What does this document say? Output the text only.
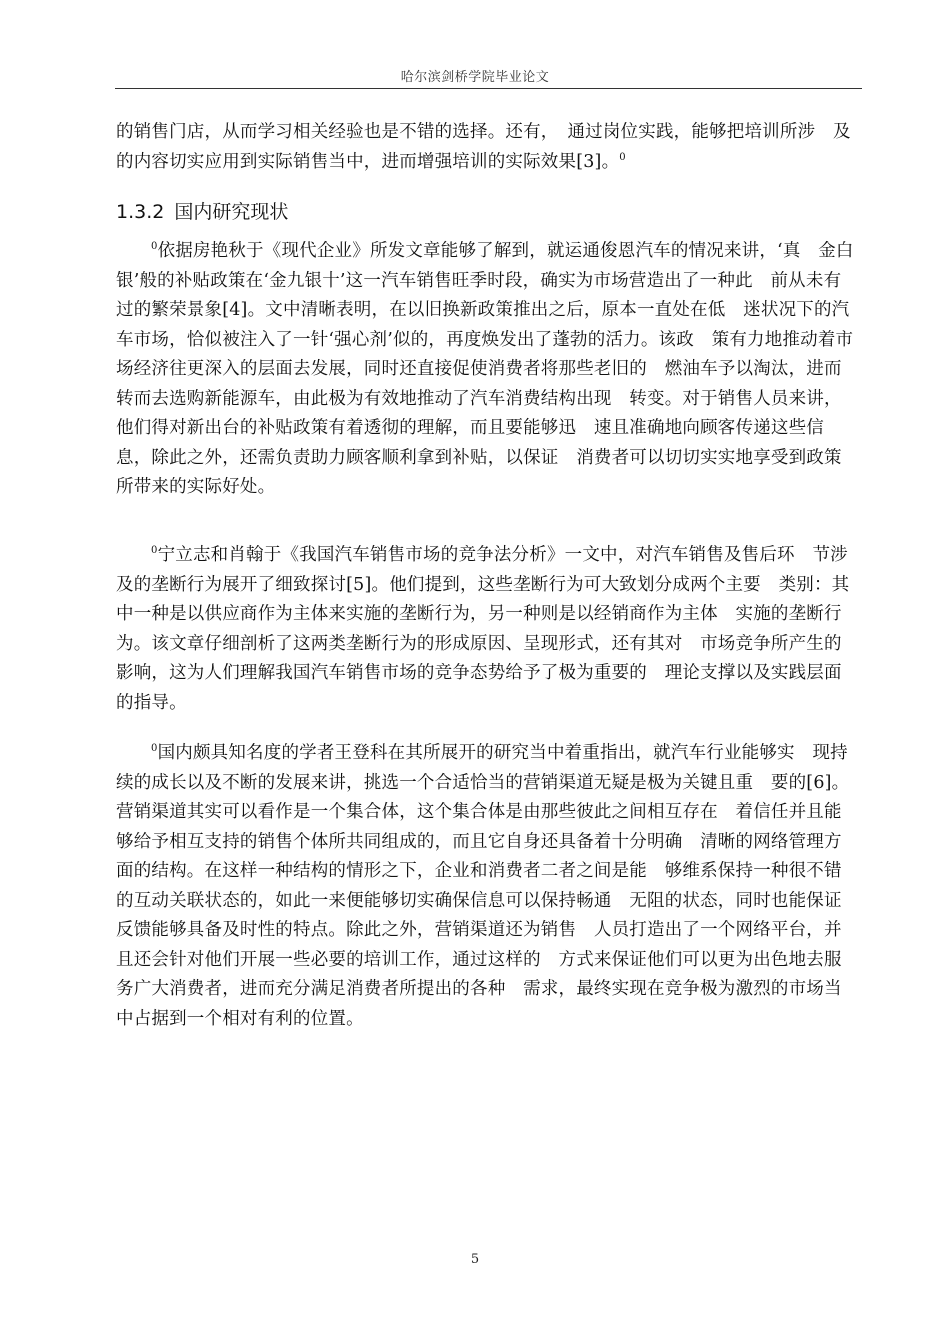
哈尔滨剑桥学院毕业论文

的销售门店，从而学习相关经验也是不错的选择。还有，　通过岗位实践，能够把培训所涉　及的内容切实应用到实际销售当中，进而增强培训的实际效果[3]。$^0$

1.3.2 国内研究现状

$^0$依据房艳秋于《现代企业》所发文章能够了解到，就运通俊恩汽车的情况来讲，‘真　金白银’般的补贴政策在‘金九银十’这一汽车销售旺季时段，确实为市场营造出了一种此　前从未有过的繁荣景象[4]。文中清晰表明，在以旧换新政策推出之后，原本一直处在低　迷状况下的汽车市场，恰似被注入了一针‘强心剂’似的，再度焕发出了蓬勃的活力。该政　策有力地推动着市场经济往更深入的层面去发展，同时还直接促使消费者将那些老旧的　燃油车予以淘汰，进而转而去选购新能源车，由此极为有效地推动了汽车消费结构出现　转变。对于销售人员来讲，他们得对新出台的补贴政策有着透彻的理解，而且要能够迅　速且准确地向顾客传递这些信息，除此之外，还需负责助力顾客顺利拿到补贴，以保证　消费者可以切切实实地享受到政策所带来的实际好处。

$^0$宁立志和肖翰于《我国汽车销售市场的竞争法分析》一文中，对汽车销售及售后环　节涉及的垄断行为展开了细致探讨[5]。他们提到，这些垄断行为可大致划分成两个主要　类别：其中一种是以供应商作为主体来实施的垄断行为，另一种则是以经销商作为主体　实施的垄断行为。该文章仔细剖析了这两类垄断行为的形成原因、呈现形式，还有其对　市场竞争所产生的影响，这为人们理解我国汽车销售市场的竞争态势给予了极为重要的　理论支撑以及实践层面的指导。

$^0$国内颇具知名度的学者王登科在其所展开的研究当中着重指出，就汽车行业能够实　现持续的成长以及不断的发展来讲，挑选一个合适恰当的营销渠道无疑是极为关键且重　要的[6]。营销渠道其实可以看作是一个集合体，这个集合体是由那些彼此之间相互存在　着信任并且能够给予相互支持的销售个体所共同组成的，而且它自身还具备着十分明确　清晰的网络管理方面的结构。在这样一种结构的情形之下，企业和消费者二者之间是能　够维系保持一种很不错的互动关联状态的，如此一来便能够切实确保信息可以保持畅通　无阻的状态，同时也能保证反馈能够具备及时性的特点。除此之外，营销渠道还为销售　人员打造出了一个网络平台，并且还会针对他们开展一些必要的培训工作，通过这样的　方式来保证他们可以更为出色地去服务广大消费者，进而充分满足消费者所提出的各种　需求，最终实现在竞争极为激烈的市场当中占据到一个相对有利的位置。

5
